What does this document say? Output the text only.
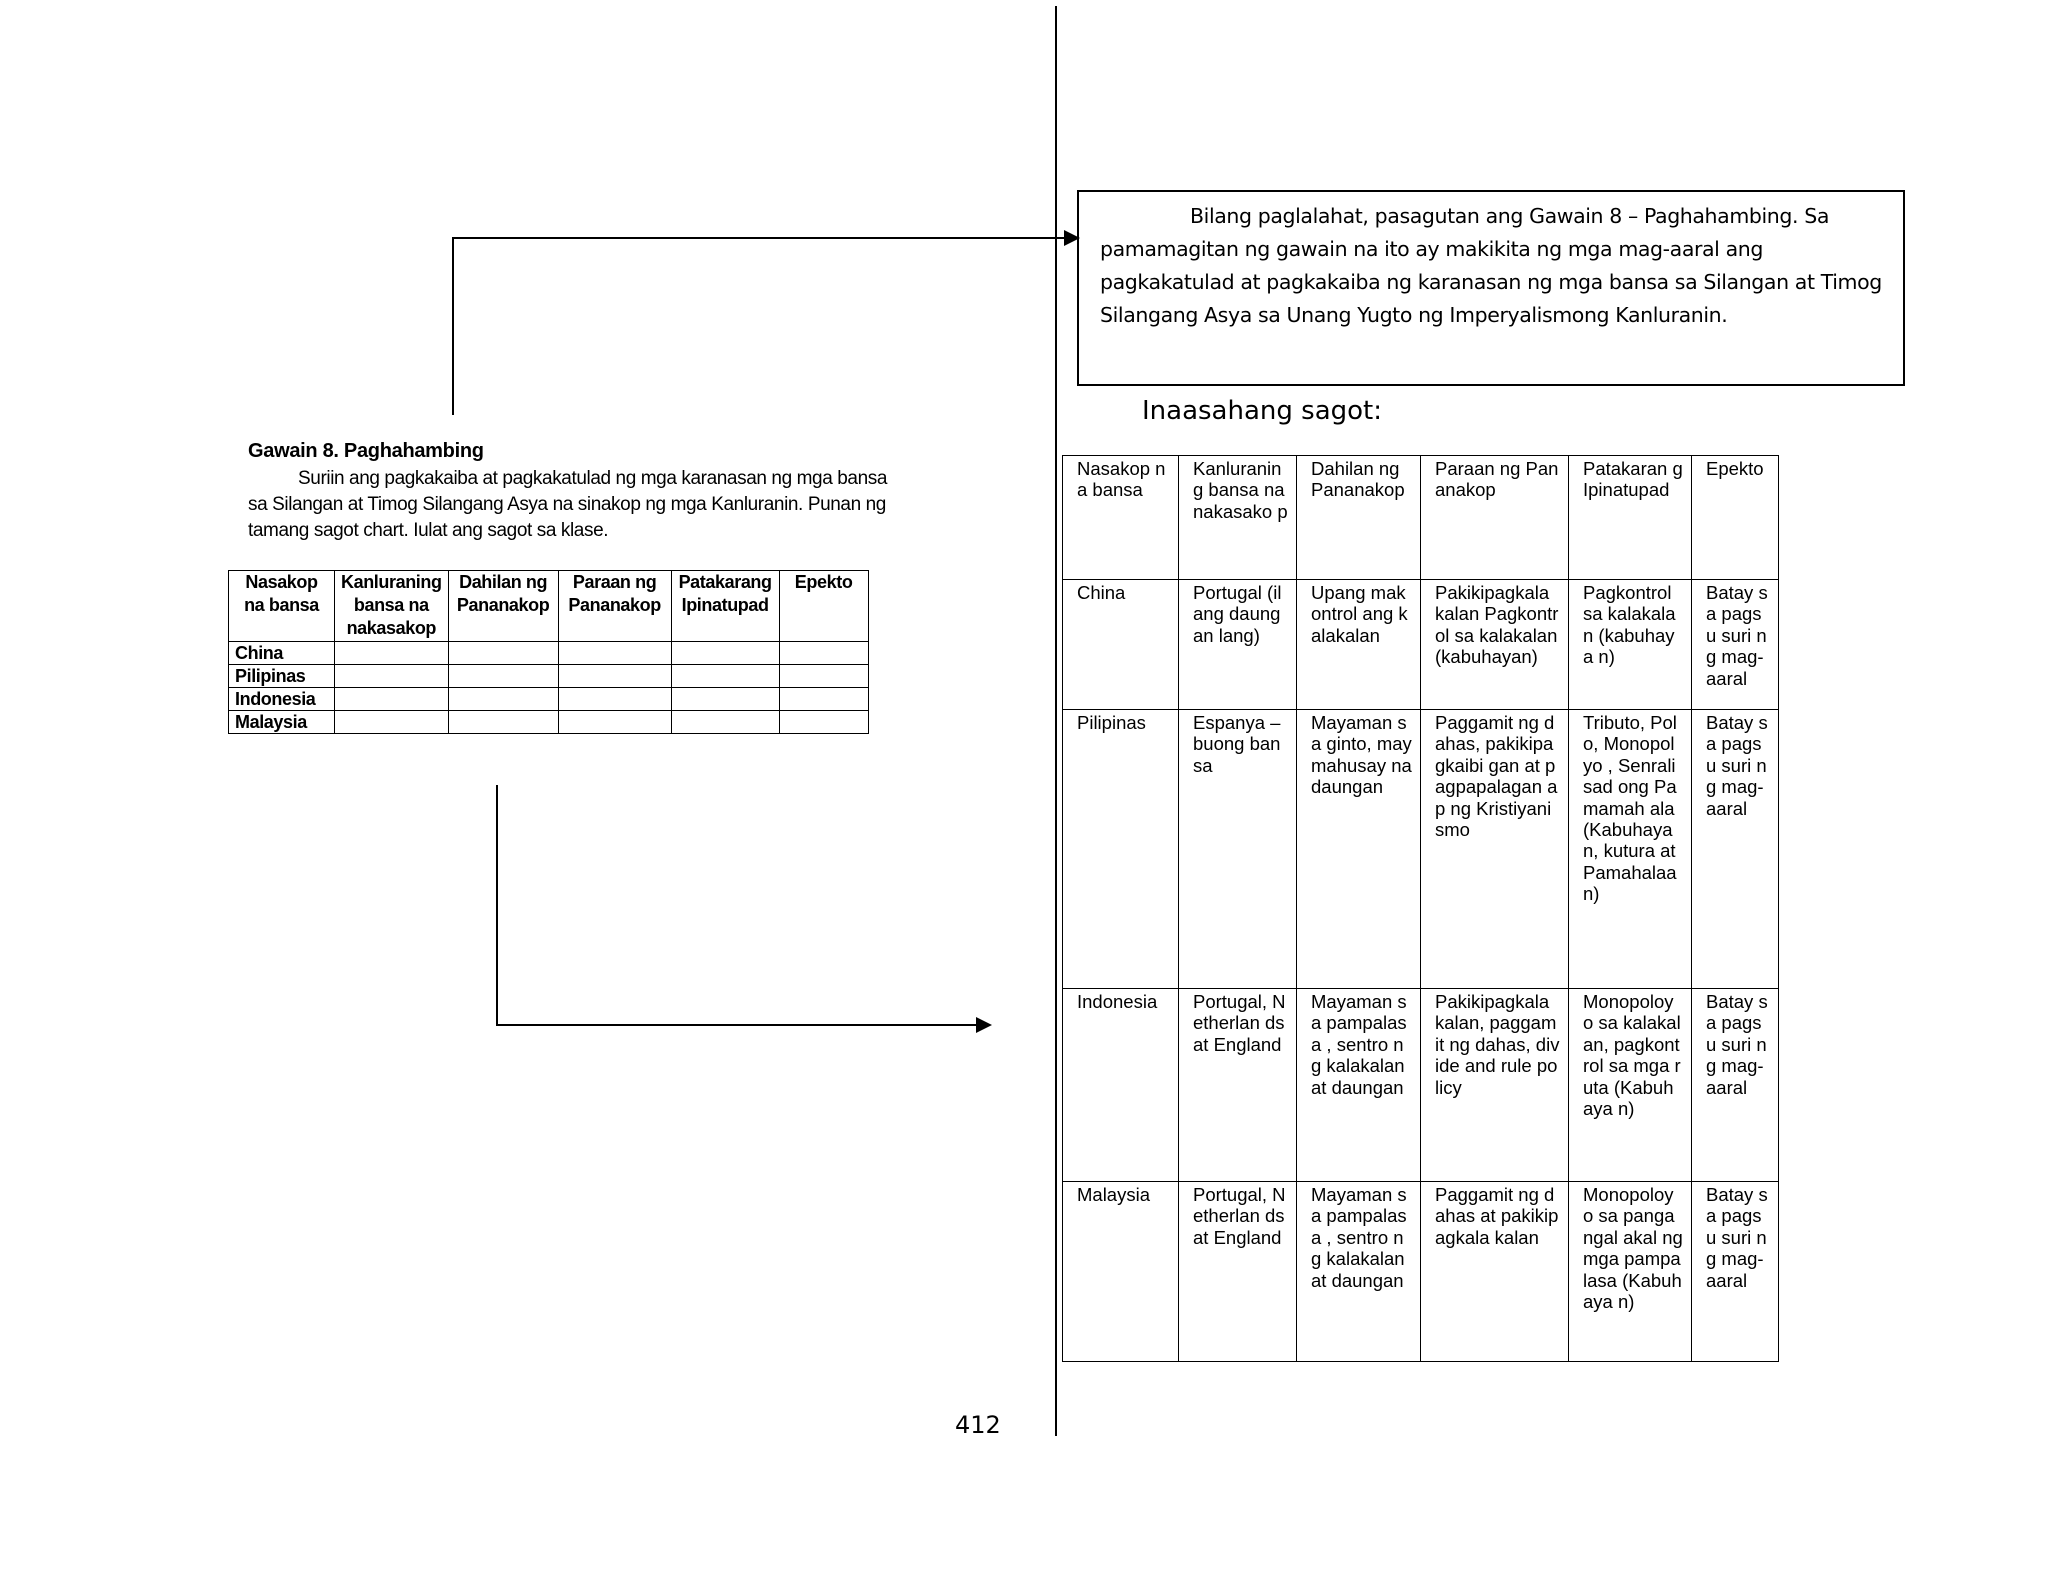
Gawain 8. Paghahambing
Suriin ang pagkakaiba at pagkakatulad ng mga karanasan ng mga bansa
sa Silangan at Timog Silangang Asya na sinakop ng mga Kanluranin. Punan ng
tamang sagot chart. Iulat ang sagot sa klase.
Nasakop na bansa	Kanluraning bansa na nakasakop	Dahilan ng Pananakop	Paraan ng Pananakop	Patakarang Ipinatupad	Epekto
China					
Pilipinas					
Indonesia					
Malaysia					
Bilang paglalahat, pasagutan ang Gawain 8 – Paghahambing. Sa pamamagitan ng gawain na ito ay makikita ng mga mag-aaral ang pagkakatulad at pagkakaiba ng karanasan ng mga bansa sa Silangan at Timog Silangang Asya sa Unang Yugto ng Imperyalismong Kanluranin.
Inaasahang sagot:
Nasakop na bansa	Kanluranin g bansa na nakasako p	Dahilan ng Pananakop	Paraan ng Pananakop	Patakaran g Ipinatupad	Epekto
China	Portugal (ilang daungan lang)	Upang makontrol ang kalakalan	Pakikipagkala kalan Pagkontrol sa kalakalan (kabuhayan)	Pagkontrol sa kalakalan (kabuhaya n)	Batay sa pagsu suri ng mag- aaral
Pilipinas	Espanya – buong bansa	Mayaman sa ginto, may mahusay na daungan	Paggamit ng dahas, pakikipagkaibi gan at pagpapalagan ap ng Kristiyanismo	Tributo, Polo, Monopolyo , Senralisad ong Pamamah ala (Kabuhaya n, kutura at Pamahalaa n)	Batay sa pagsu suri ng mag- aaral
Indonesia	Portugal, Netherlan ds at England	Mayaman sa pampalasa , sentro ng kalakalan at daungan	Pakikipagkala kalan, paggamit ng dahas, divide and rule policy	Monopoloy o sa kalakalan, pagkontrol sa mga ruta (Kabuhaya n)	Batay sa pagsu suri ng mag- aaral
Malaysia	Portugal, Netherlan ds at England	Mayaman sa pampalasa , sentro ng kalakalan at daungan	Paggamit ng dahas at pakikipagkala kalan	Monopoloy o sa pangangal akal ng mga pampalasa (Kabuhaya n)	Batay sa pagsu suri ng mag- aaral
412
